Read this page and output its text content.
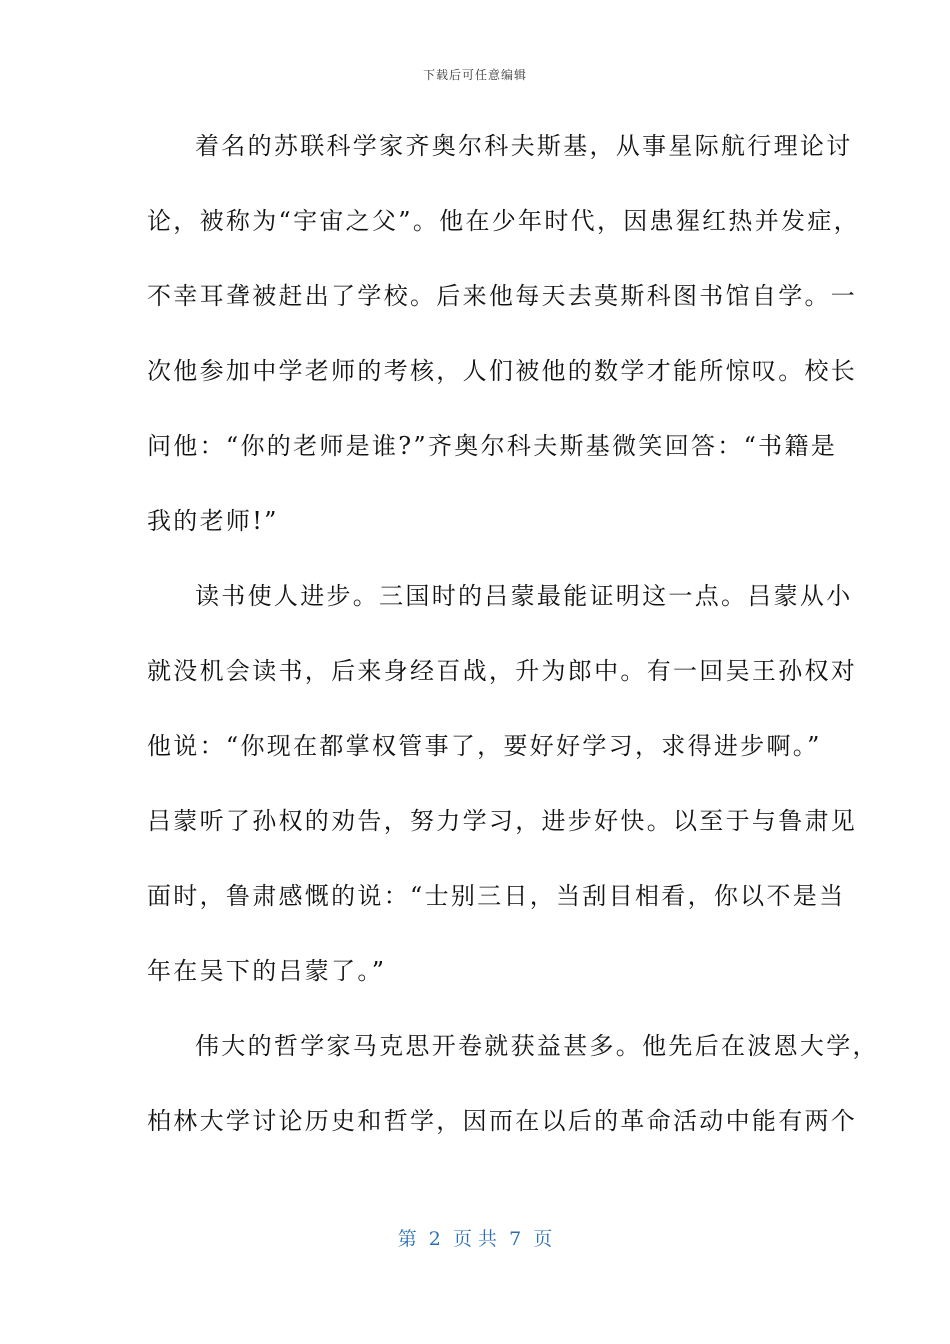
下载后可任意编辑
着名的苏联科学家齐奥尔科夫斯基，从事星际航行理论讨
论，被称为“宇宙之父”。他在少年时代，因患猩红热并发症，
不幸耳聋被赶出了学校。后来他每天去莫斯科图书馆自学。一
次他参加中学老师的考核，人们被他的数学才能所惊叹。校长
问他：“你的老师是谁?”齐奥尔科夫斯基微笑回答：“书籍是
我的老师!”
读书使人进步。三国时的吕蒙最能证明这一点。吕蒙从小
就没机会读书，后来身经百战，升为郎中。有一回吴王孙权对
他说：“你现在都掌权管事了，要好好学习，求得进步啊。”
吕蒙听了孙权的劝告，努力学习，进步好快。以至于与鲁肃见
面时，鲁肃感慨的说：“士别三日，当刮目相看，你以不是当
年在吴下的吕蒙了。”
伟大的哲学家马克思开卷就获益甚多。他先后在波恩大学，
柏林大学讨论历史和哲学，因而在以后的革命活动中能有两个
第  2  页 共  7  页
